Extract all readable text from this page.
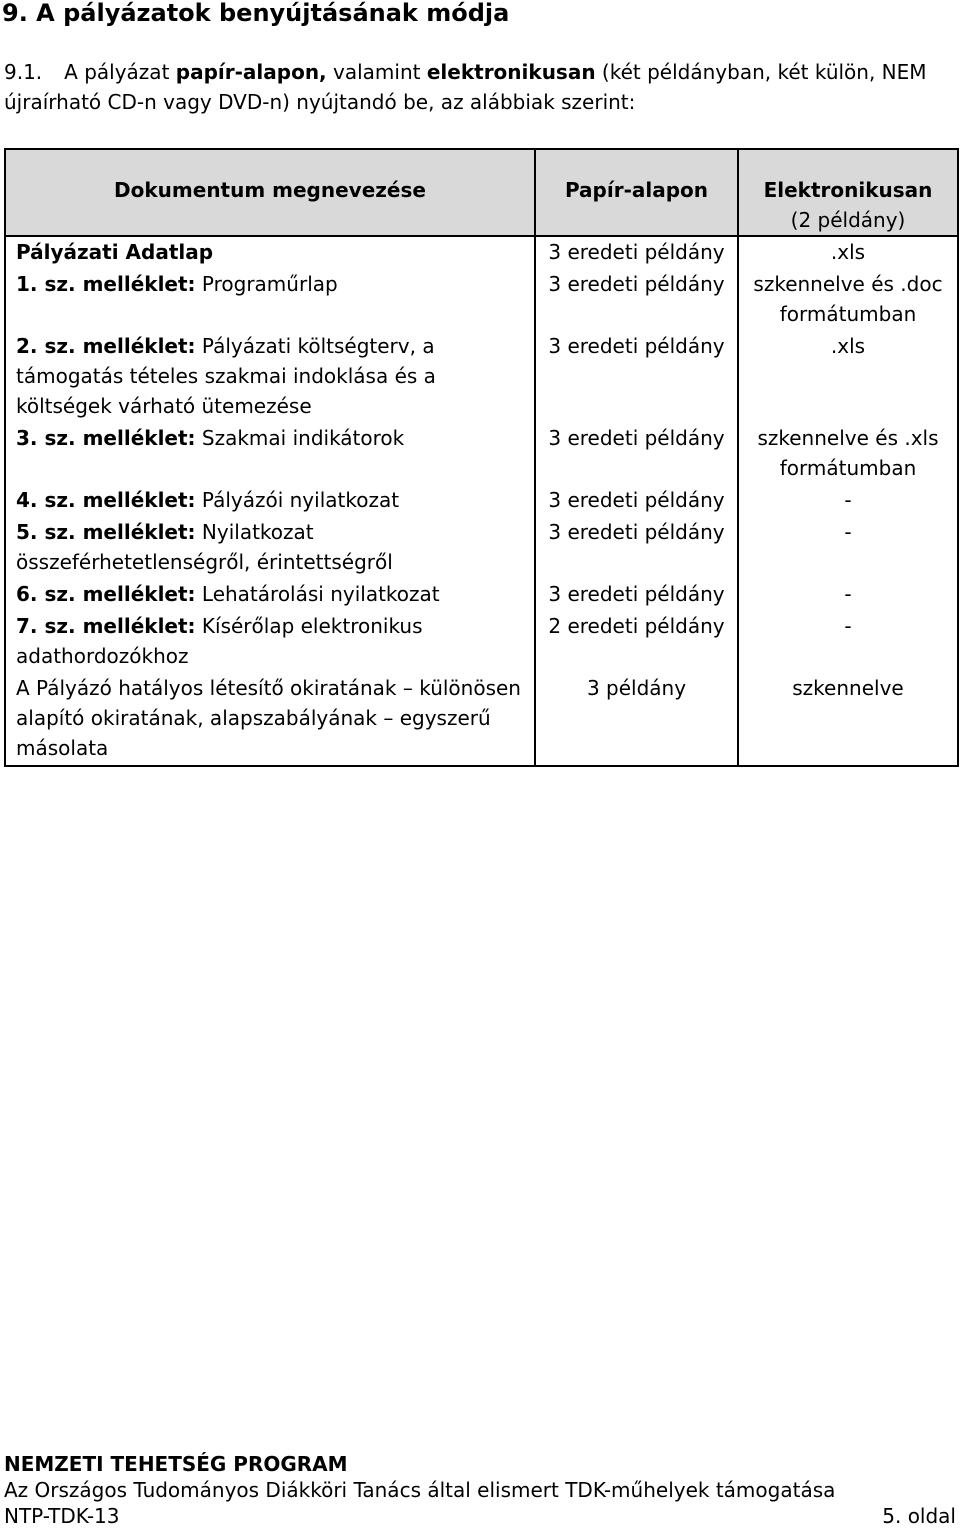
9. A pályázatok benyújtásának módja

9.1. A pályázat papír-alapon, valamint elektronikusan (két példányban, két külön, NEM újraírható CD-n vagy DVD-n) nyújtandó be, az alábbiak szerint:

Dokumentum megnevezése	Papír-alapon	Elektronikusan
(2 példány)

Pályázati Adatlap	3 eredeti példány	.xls
1. sz. melléklet: Programűrlap	3 eredeti példány	szkennelve és .doc formátumban
2. sz. melléklet: Pályázati költségterv, a támogatás tételes szakmai indoklása és a költségek várható ütemezése	3 eredeti példány	.xls
3. sz. melléklet: Szakmai indikátorok	3 eredeti példány	szkennelve és .xls formátumban
4. sz. melléklet: Pályázói nyilatkozat	3 eredeti példány	-
5. sz. melléklet: Nyilatkozat összeférhetetlenségről, érintettségről	3 eredeti példány	-
6. sz. melléklet: Lehatárolási nyilatkozat	3 eredeti példány	-
7. sz. melléklet: Kísérőlap elektronikus adathordozókhoz	2 eredeti példány	-
A Pályázó hatályos létesítő okiratának – különösen alapító okiratának, alapszabályának – egyszerű másolata	3 példány	szkennelve
NEMZETI TEHETSÉG PROGRAM
Az Országos Tudományos Diákköri Tanács által elismert TDK-műhelyek támogatása
NTP-TDK-13	5. oldal
